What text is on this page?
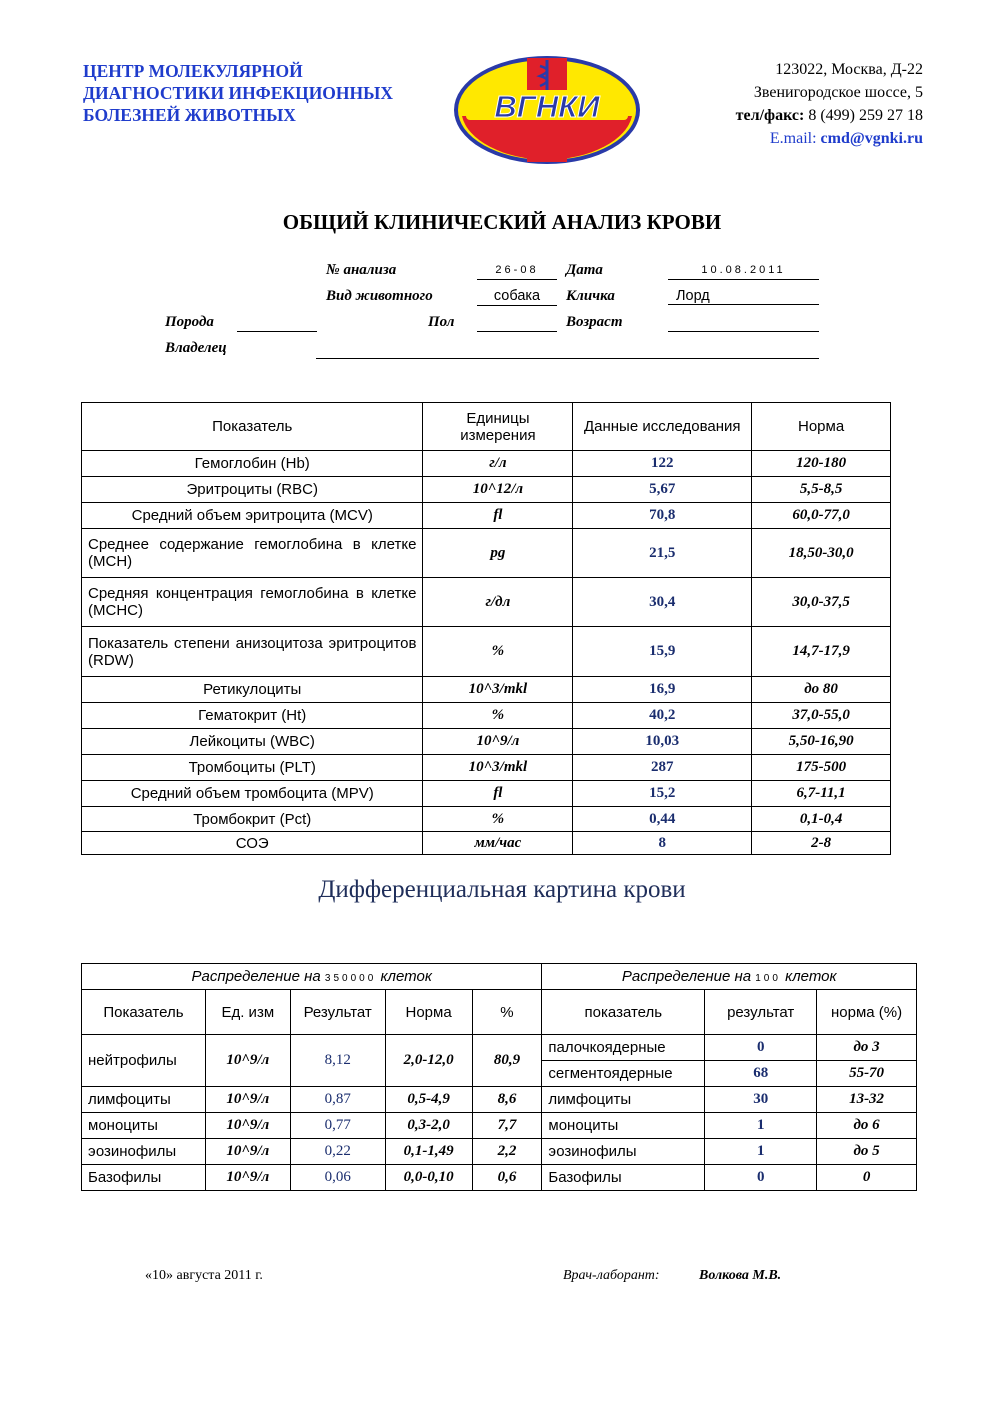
ЦЕНТР МОЛЕКУЛЯРНОЙ
ДИАГНОСТИКИ ИНФЕКЦИОННЫХ
БОЛЕЗНЕЙ ЖИВОТНЫХ	ВГНКИ
123022, Москва, Д-22
Звенигородское шоссе, 5
тел/факс: 8 (499) 259 27 18
E.mail: cmd@vgnki.ru
ОБЩИЙ КЛИНИЧЕСКИЙ АНАЛИЗ КРОВИ
№ анализа	26-08	Дата	10.08.2011
Вид животного	собака	Кличка	Лорд
Порода	Пол	Возраст
Владелец
Показатель	Единицы измерения	Данные исследования	Норма
Гемоглобин (Hb)	г/л	122	120-180
Эритроциты (RBC)	10^12/л	5,67	5,5-8,5
Средний объем эритроцита (MCV)	fl	70,8	60,0-77,0
Среднее содержание гемоглобина в клетке (MCH)	pg	21,5	18,50-30,0
Средняя концентрация гемоглобина в клетке (MCHC)	г/дл	30,4	30,0-37,5
Показатель степени анизоцитоза эритроцитов (RDW)	%	15,9	14,7-17,9
Ретикулоциты	10^3/mkl	16,9	до 80
Гематокрит (Ht)	%	40,2	37,0-55,0
Лейкоциты (WBC)	10^9/л	10,03	5,50-16,90
Тромбоциты (PLT)	10^3/mkl	287	175-500
Средний объем тромбоцита (MPV)	fl	15,2	6,7-11,1
Тромбокрит (Pct)	%	0,44	0,1-0,4
СОЭ	мм/час	8	2-8
Дифференциальная картина крови
Распределение на 350000 клеток					Распределение на 100 клеток		
Показатель	Ед. изм	Результат	Норма	%	показатель	результат	норма (%)
нейтрофилы	10^9/л	8,12	2,0-12,0	80,9	палочкоядерные	0	до 3
					сегментоядерные	68	55-70
лимфоциты	10^9/л	0,87	0,5-4,9	8,6	лимфоциты	30	13-32
моноциты	10^9/л	0,77	0,3-2,0	7,7	моноциты	1	до 6
эозинофилы	10^9/л	0,22	0,1-1,49	2,2	эозинофилы	1	до 5
Базофилы	10^9/л	0,06	0,0-0,10	0,6	Базофилы	0	0
«10» августа 2011 г.	Врач-лаборант:	Волкова М.В.
